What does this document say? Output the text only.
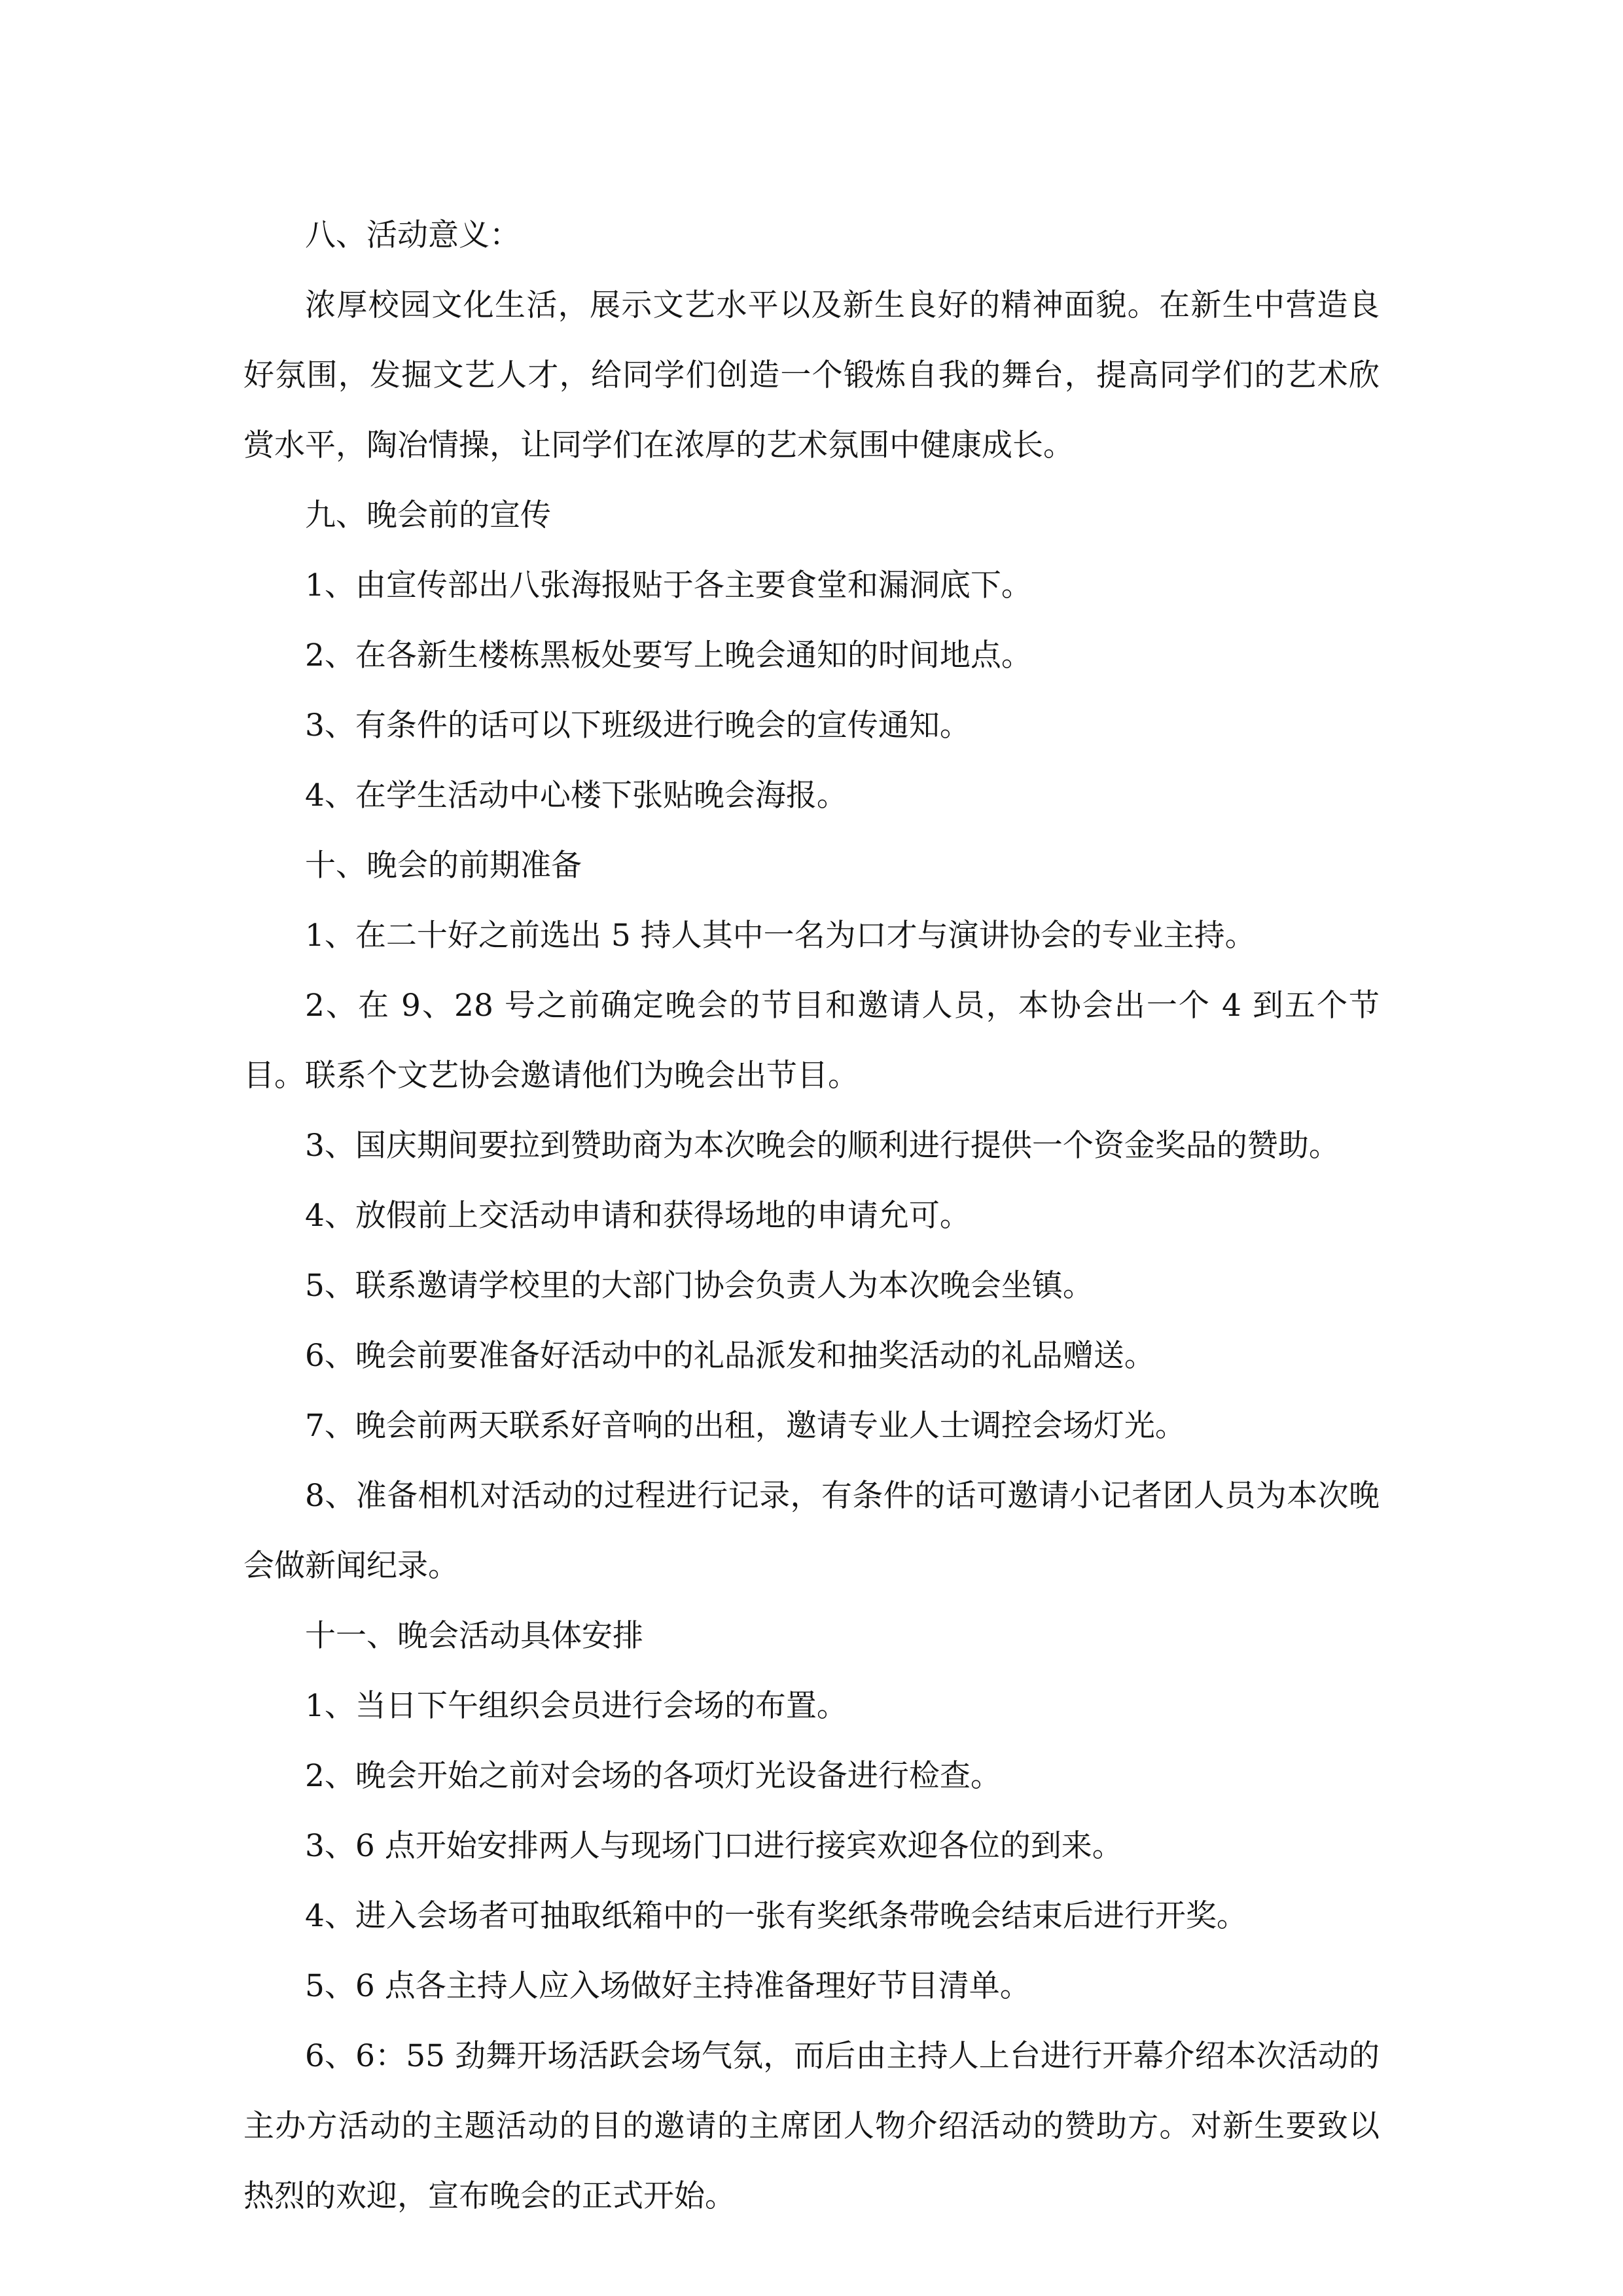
八、活动意义：

浓厚校园文化生活，展示文艺水平以及新生良好的精神面貌。在新生中营造良好氛围，发掘文艺人才，给同学们创造一个锻炼自我的舞台，提高同学们的艺术欣赏水平，陶冶情操，让同学们在浓厚的艺术氛围中健康成长。

九、晚会前的宣传

1、由宣传部出八张海报贴于各主要食堂和漏洞底下。

2、在各新生楼栋黑板处要写上晚会通知的时间地点。

3、有条件的话可以下班级进行晚会的宣传通知。

4、在学生活动中心楼下张贴晚会海报。

十、晚会的前期准备

1、在二十好之前选出 5 持人其中一名为口才与演讲协会的专业主持。

2、在 9、28 号之前确定晚会的节目和邀请人员，本协会出一个 4 到五个节目。联系个文艺协会邀请他们为晚会出节目。

3、国庆期间要拉到赞助商为本次晚会的顺利进行提供一个资金奖品的赞助。

4、放假前上交活动申请和获得场地的申请允可。

5、联系邀请学校里的大部门协会负责人为本次晚会坐镇。

6、晚会前要准备好活动中的礼品派发和抽奖活动的礼品赠送。

7、晚会前两天联系好音响的出租，邀请专业人士调控会场灯光。

8、准备相机对活动的过程进行记录，有条件的话可邀请小记者团人员为本次晚会做新闻纪录。

十一、晚会活动具体安排

1、当日下午组织会员进行会场的布置。

2、晚会开始之前对会场的各项灯光设备进行检查。

3、6 点开始安排两人与现场门口进行接宾欢迎各位的到来。

4、进入会场者可抽取纸箱中的一张有奖纸条带晚会结束后进行开奖。

5、6 点各主持人应入场做好主持准备理好节目清单。

6、6：55 劲舞开场活跃会场气氛，而后由主持人上台进行开幕介绍本次活动的主办方活动的主题活动的目的邀请的主席团人物介绍活动的赞助方。对新生要致以热烈的欢迎，宣布晚会的正式开始。
